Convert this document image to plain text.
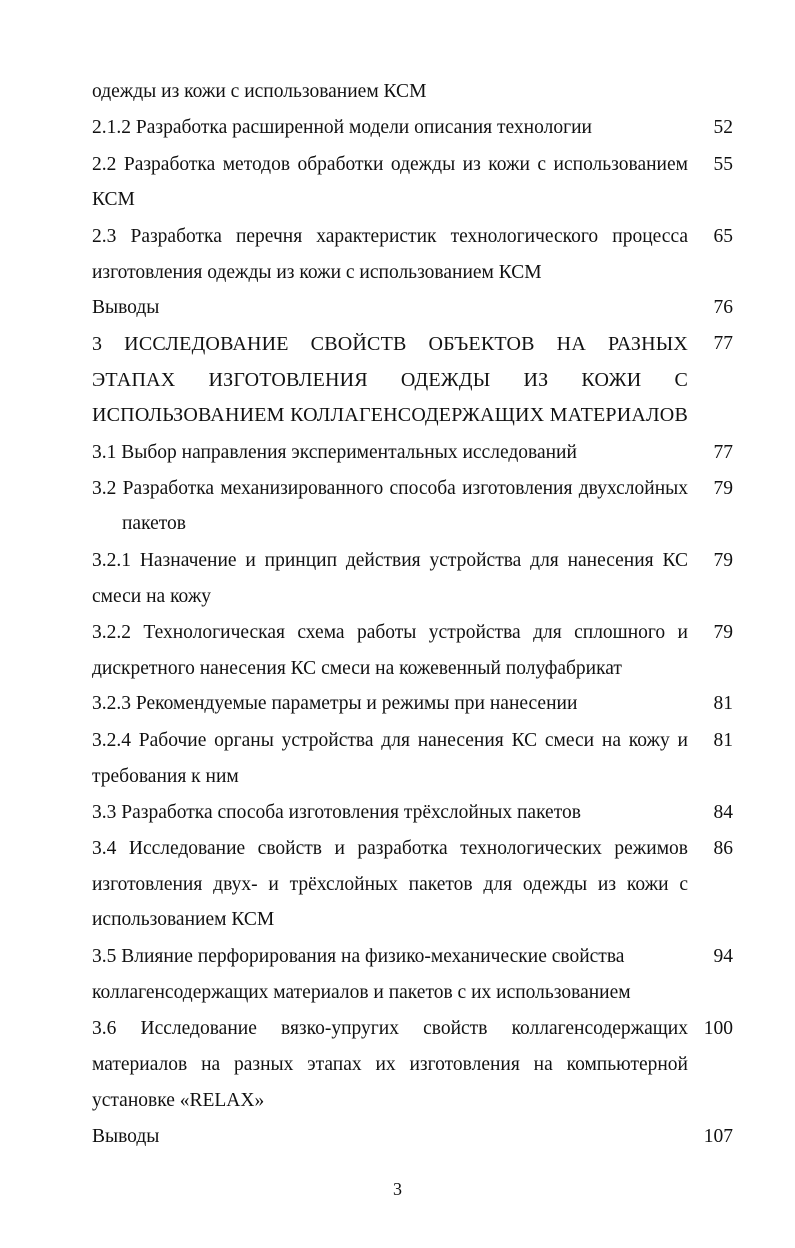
одежды из кожи с использованием КСМ
2.1.2 Разработка расширенной модели описания технологии	52
2.2 Разработка методов обработки одежды из кожи с использованием	55
КСМ
2.3 Разработка перечня характеристик технологического процесса	65
изготовления одежды из кожи с использованием КСМ
Выводы	76
3 ИССЛЕДОВАНИЕ СВОЙСТВ ОБЪЕКТОВ НА РАЗНЫХ	77
ЭТАПАХ ИЗГОТОВЛЕНИЯ ОДЕЖДЫ ИЗ КОЖИ С
ИСПОЛЬЗОВАНИЕМ КОЛЛАГЕНСОДЕРЖАЩИХ МАТЕРИАЛОВ
3.1 Выбор направления экспериментальных исследований	77
3.2 Разработка механизированного способа изготовления двухслойных	79
пакетов
3.2.1 Назначение и принцип действия устройства для нанесения КС	79
смеси на кожу
3.2.2 Технологическая схема работы устройства для сплошного и	79
дискретного нанесения КС смеси на кожевенный полуфабрикат
3.2.3 Рекомендуемые параметры и режимы при нанесении	81
3.2.4 Рабочие органы устройства для нанесения КС смеси на кожу и	81
требования к ним
3.3 Разработка способа изготовления трёхслойных пакетов	84
3.4 Исследование свойств и разработка технологических режимов	86
изготовления двух- и трёхслойных пакетов для одежды из кожи с
использованием КСМ
3.5 Влияние перфорирования на физико-механические свойства	94
коллагенсодержащих материалов и пакетов с их использованием
3.6 Исследование вязко-упругих свойств коллагенсодержащих 100
материалов на разных этапах их изготовления на компьютерной
установке «RELAX»
Выводы	107
3
